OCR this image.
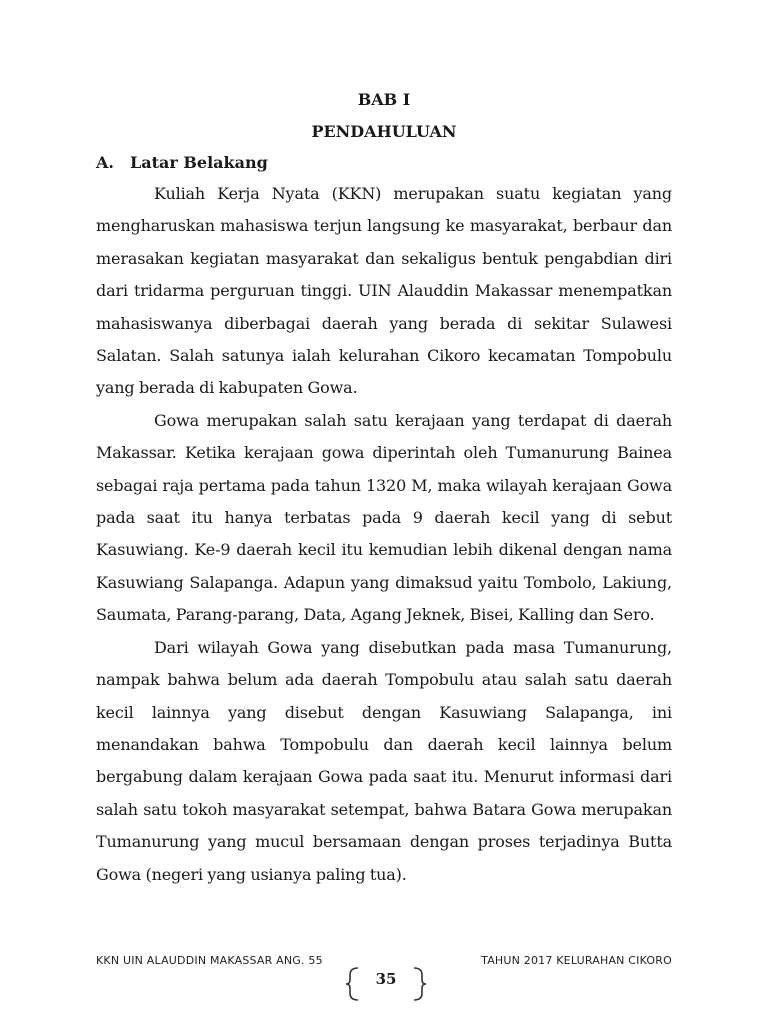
BAB I

PENDAHULUAN

A.	Latar Belakang

Kuliah Kerja Nyata (KKN) merupakan suatu kegiatan yang mengharuskan mahasiswa terjun langsung ke masyarakat, berbaur dan merasakan kegiatan masyarakat dan sekaligus bentuk pengabdian diri dari tridarma perguruan tinggi. UIN Alauddin Makassar menempatkan mahasiswanya diberbagai daerah yang berada di sekitar Sulawesi Salatan. Salah satunya ialah kelurahan Cikoro kecamatan Tompobulu yang berada di kabupaten Gowa.

Gowa merupakan salah satu kerajaan yang terdapat di daerah Makassar. Ketika kerajaan gowa diperintah oleh Tumanurung Bainea sebagai raja pertama pada tahun 1320 M, maka wilayah kerajaan Gowa pada saat itu hanya terbatas pada 9 daerah kecil yang di sebut Kasuwiang. Ke-9 daerah kecil itu kemudian lebih dikenal dengan nama Kasuwiang Salapanga. Adapun yang dimaksud yaitu Tombolo, Lakiung, Saumata, Parang-parang, Data, Agang Jeknek, Bisei, Kalling dan Sero.

Dari wilayah Gowa yang disebutkan pada masa Tumanurung, nampak bahwa belum ada daerah Tompobulu atau salah satu daerah kecil lainnya yang disebut dengan Kasuwiang Salapanga, ini menandakan bahwa Tompobulu dan daerah kecil lainnya belum bergabung dalam kerajaan Gowa pada saat itu. Menurut informasi dari salah satu tokoh masyarakat setempat, bahwa Batara Gowa merupakan Tumanurung yang mucul bersamaan dengan proses terjadinya Butta Gowa (negeri yang usianya paling tua).

KKN UIN ALAUDDIN MAKASSAR ANG. 55	TAHUN 2017 KELURAHAN CIKORO
35
